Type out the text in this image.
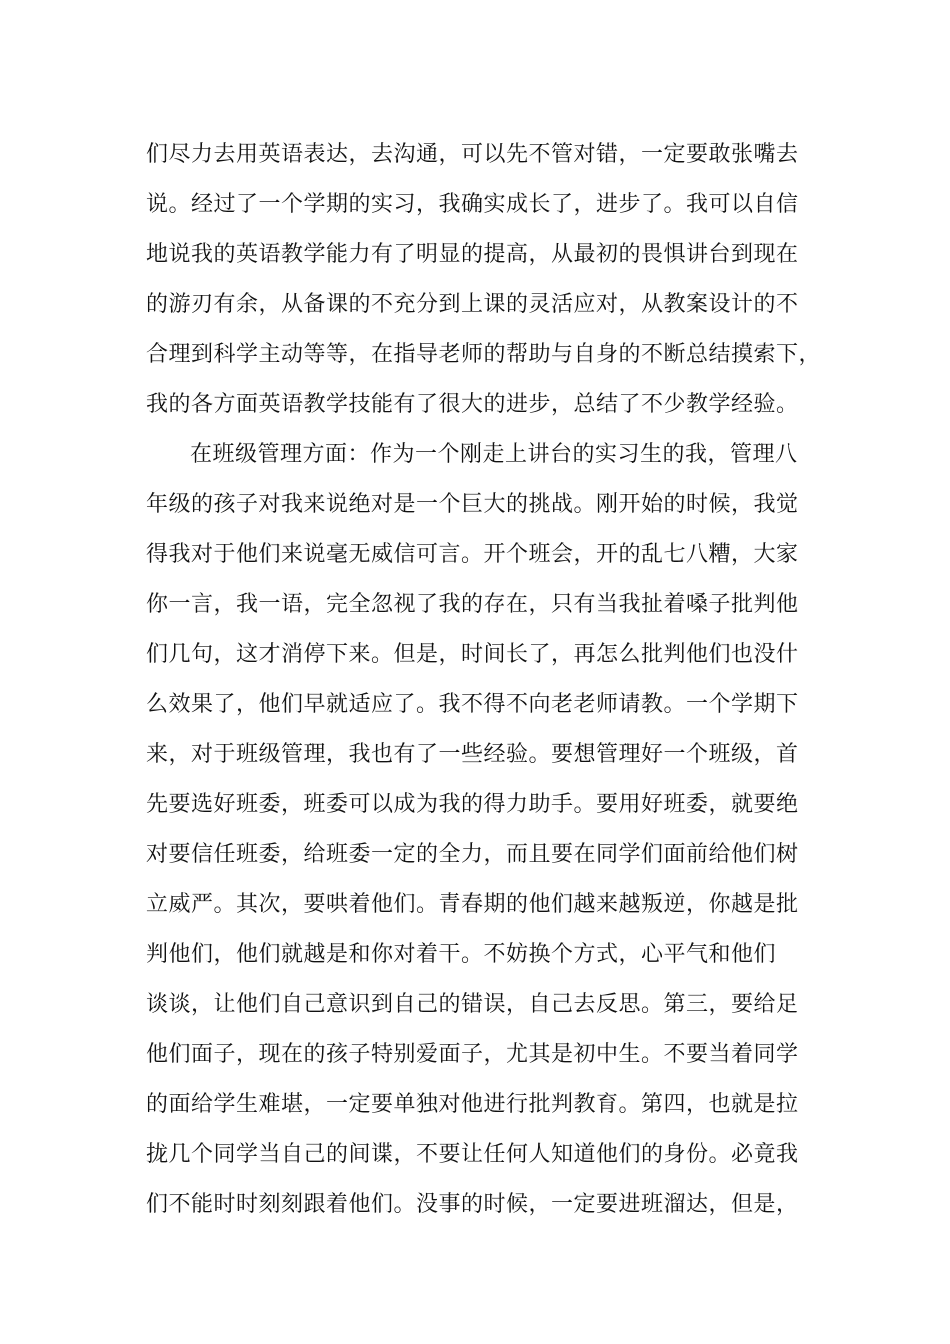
们尽力去用英语表达，去沟通，可以先不管对错，一定要敢张嘴去
说。经过了一个学期的实习，我确实成长了，进步了。我可以自信
地说我的英语教学能力有了明显的提高，从最初的畏惧讲台到现在
的游刃有余，从备课的不充分到上课的灵活应对，从教案设计的不
合理到科学主动等等，在指导老师的帮助与自身的不断总结摸索下，
我的各方面英语教学技能有了很大的进步，总结了不少教学经验。
在班级管理方面：作为一个刚走上讲台的实习生的我，管理八
年级的孩子对我来说绝对是一个巨大的挑战。刚开始的时候，我觉
得我对于他们来说毫无威信可言。开个班会，开的乱七八糟，大家
你一言，我一语，完全忽视了我的存在，只有当我扯着嗓子批判他
们几句，这才消停下来。但是，时间长了，再怎么批判他们也没什
么效果了，他们早就适应了。我不得不向老老师请教。一个学期下
来，对于班级管理，我也有了一些经验。要想管理好一个班级，首
先要选好班委，班委可以成为我的得力助手。要用好班委，就要绝
对要信任班委，给班委一定的全力，而且要在同学们面前给他们树
立威严。其次，要哄着他们。青春期的他们越来越叛逆，你越是批
判他们，他们就越是和你对着干。不妨换个方式，心平气和他们
谈谈，让他们自己意识到自己的错误，自己去反思。第三，要给足
他们面子，现在的孩子特别爱面子，尤其是初中生。不要当着同学
的面给学生难堪，一定要单独对他进行批判教育。第四，也就是拉
拢几个同学当自己的间谍，不要让任何人知道他们的身份。必竟我
们不能时时刻刻跟着他们。没事的时候，一定要进班溜达，但是，
